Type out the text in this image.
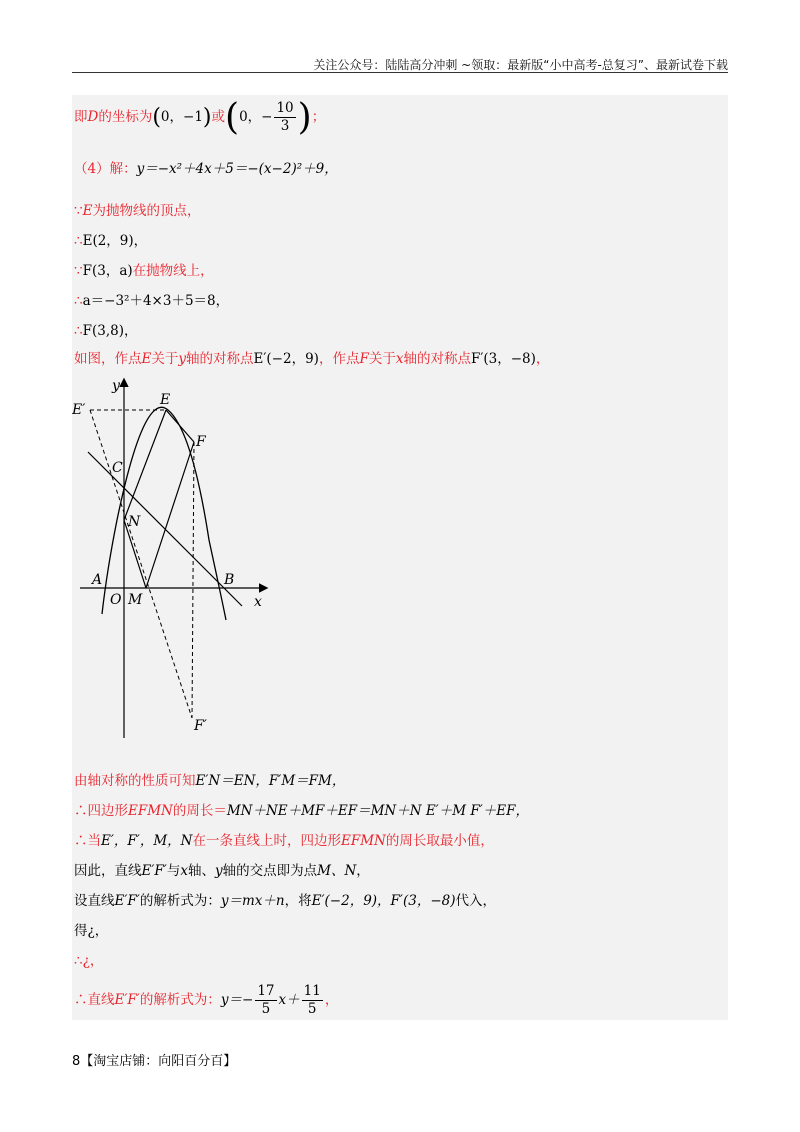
关注公众号：陆陆高分冲刺 ~领取：最新版“小中高考-总复习”、最新试卷下载
即D的坐标为(0，−1)或(0，− $\frac{10}{3}$ )；
（4）解：y＝−x²＋4x＋5＝−(x−2)²＋9，
∵E为抛物线的顶点，
∴E(2，9)，
∵F(3，a)在抛物线上，
∴a＝−3²＋4×3＋5＝8，
∴F(3,8)，
如图，作点E关于y轴的对称点E′(−2，9)，作点F关于x轴的对称点F′(3，−8)，
y
x
E
E′
F
F′
C
N
A
O M
B
由轴对称的性质可知E′N＝EN，F′M＝FM，
∴四边形EFMN的周长＝MN＋NE＋MF＋EF＝MN＋N E′＋M F′＋EF，
∴当E′，F′，M，N在一条直线上时，四边形EFMN的周长取最小值，
因此，直线E′F′与x轴、y轴的交点即为点M、N，
设直线E′F′的解析式为：y＝mx＋n，将E′(−2，9)，F′(3，−8)代入，
得¿，
∴¿，
∴直线E′F′的解析式为：$y=- \frac{17}{5} x+ \frac{11}{5}$ ，
8【淘宝店铺：向阳百分百】
